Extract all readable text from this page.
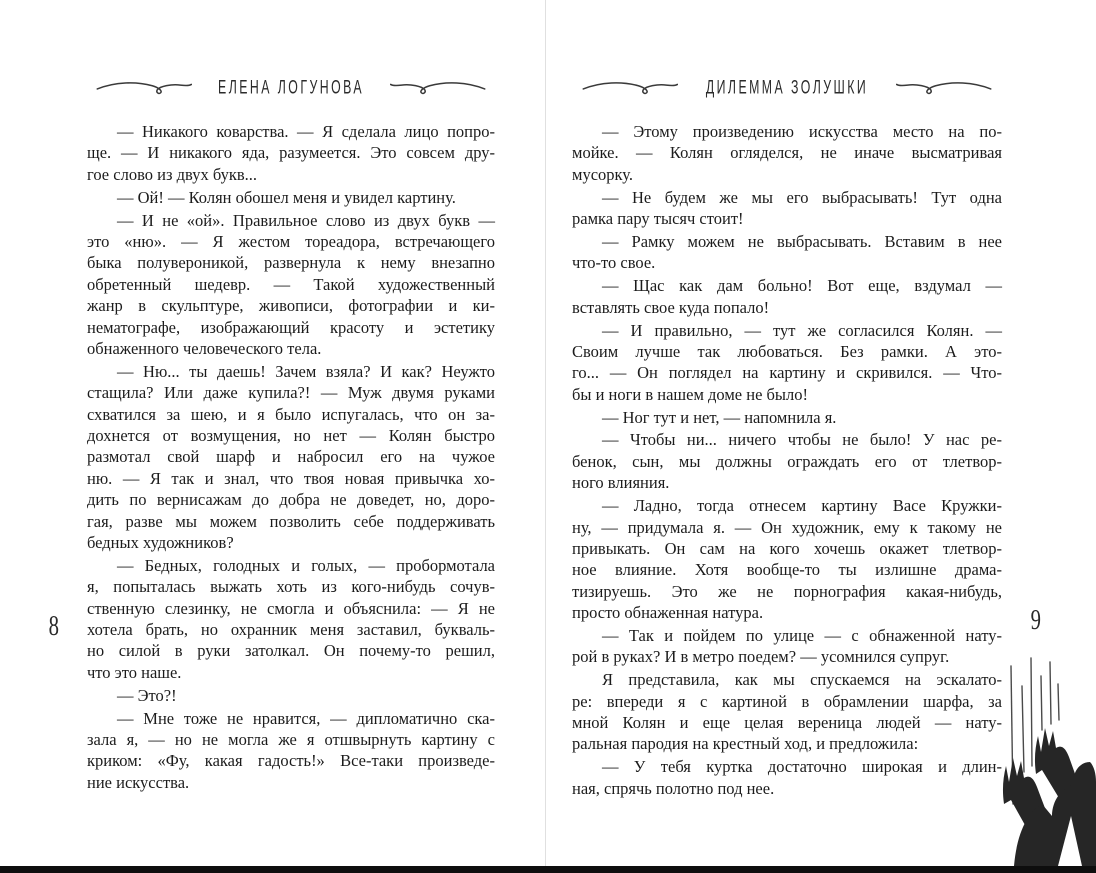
ЕЛЕНА ЛОГУНОВА
— Никакого коварства. — Я сделала лицо попро-
ще. — И никакого яда, разумеется. Это совсем дру-
гое слово из двух букв...
— Ой! — Колян обошел меня и увидел картину.
— И не «ой». Правильное слово из двух букв —
это «ню». — Я жестом тореадора, встречающего
быка полувероникой, развернула к нему внезапно
обретенный шедевр. — Такой художественный
жанр в скульптуре, живописи, фотографии и ки-
нематографе, изображающий красоту и эстетику
обнаженного человеческого тела.
— Ню... ты даешь! Зачем взяла? И как? Неужто
стащила? Или даже купила?! — Муж двумя руками
схватился за шею, и я было испугалась, что он за-
дохнется от возмущения, но нет — Колян быстро
размотал свой шарф и набросил его на чужое
ню. — Я так и знал, что твоя новая привычка хо-
дить по вернисажам до добра не доведет, но, доро-
гая, разве мы можем позволить себе поддерживать
бедных художников?
— Бедных, голодных и голых, — пробормотала
я, попыталась выжать хоть из кого-нибудь сочув-
ственную слезинку, не смогла и объяснила: — Я не
хотела брать, но охранник меня заставил, букваль-
но силой в руки затолкал. Он почему-то решил,
что это наше.
— Это?!
— Мне тоже не нравится, — дипломатично ска-
зала я, — но не могла же я отшвырнуть картину с
криком: «Фу, какая гадость!» Все-таки произведе-
ние искусства.
8
ДИЛЕММА ЗОЛУШКИ
— Этому произведению искусства место на по-
мойке. — Колян огляделся, не иначе высматривая
мусорку.
— Не будем же мы его выбрасывать! Тут одна
рамка пару тысяч стоит!
— Рамку можем не выбрасывать. Вставим в нее
что-то свое.
— Щас как дам больно! Вот еще, вздумал —
вставлять свое куда попало!
— И правильно, — тут же согласился Колян. —
Своим лучше так любоваться. Без рамки. А это-
го... — Он поглядел на картину и скривился. — Что-
бы и ноги в нашем доме не было!
— Ног тут и нет, — напомнила я.
— Чтобы ни... ничего чтобы не было! У нас ре-
бенок, сын, мы должны ограждать его от тлетвор-
ного влияния.
— Ладно, тогда отнесем картину Васе Кружки-
ну, — придумала я. — Он художник, ему к такому не
привыкать. Он сам на кого хочешь окажет тлетвор-
ное влияние. Хотя вообще-то ты излишне драма-
тизируешь. Это же не порнография какая-нибудь,
просто обнаженная натура.
— Так и пойдем по улице — с обнаженной нату-
рой в руках? И в метро поедем? — усомнился супруг.
Я представила, как мы спускаемся на эскалато-
ре: впереди я с картиной в обрамлении шарфа, за
мной Колян и еще целая вереница людей — нату-
ральная пародия на крестный ход, и предложила:
— У тебя куртка достаточно широкая и длин-
ная, спрячь полотно под нее.
9
